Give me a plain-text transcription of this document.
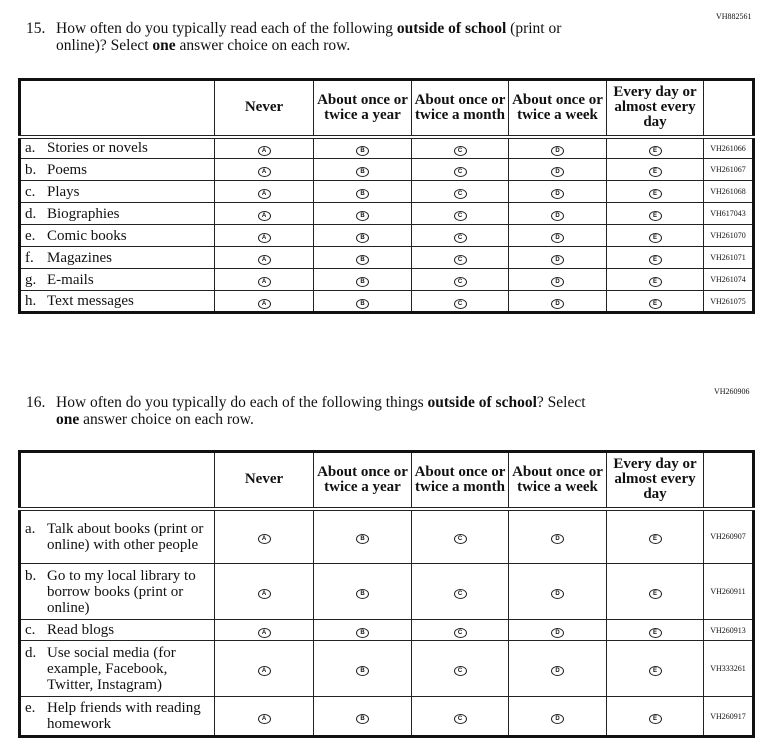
VH882561
15. How often do you typically read each of the following outside of school (print or
online)? Select one answer choice on each row.
	Never	About once or twice a year	About once or twice a month	About once or twice a week	Every day or almost every day	
a. Stories or novels	A	B	C	D	E	VH261066
b. Poems	A	B	C	D	E	VH261067
c. Plays	A	B	C	D	E	VH261068
d. Biographies	A	B	C	D	E	VH617043
e. Comic books	A	B	C	D	E	VH261070
f. Magazines	A	B	C	D	E	VH261071
g. E-mails	A	B	C	D	E	VH261074
h. Text messages	A	B	C	D	E	VH261075
VH260906
16. How often do you typically do each of the following things outside of school? Select
one answer choice on each row.
	Never	About once or twice a year	About once or twice a month	About once or twice a week	Every day or almost every day	
a. Talk about books (print or online) with other people	A	B	C	D	E	VH260907
b. Go to my local library to borrow books (print or online)	A	B	C	D	E	VH260911
c. Read blogs	A	B	C	D	E	VH260913
d. Use social media (for example, Facebook, Twitter, Instagram)	A	B	C	D	E	VH333261
e. Help friends with reading homework	A	B	C	D	E	VH260917
